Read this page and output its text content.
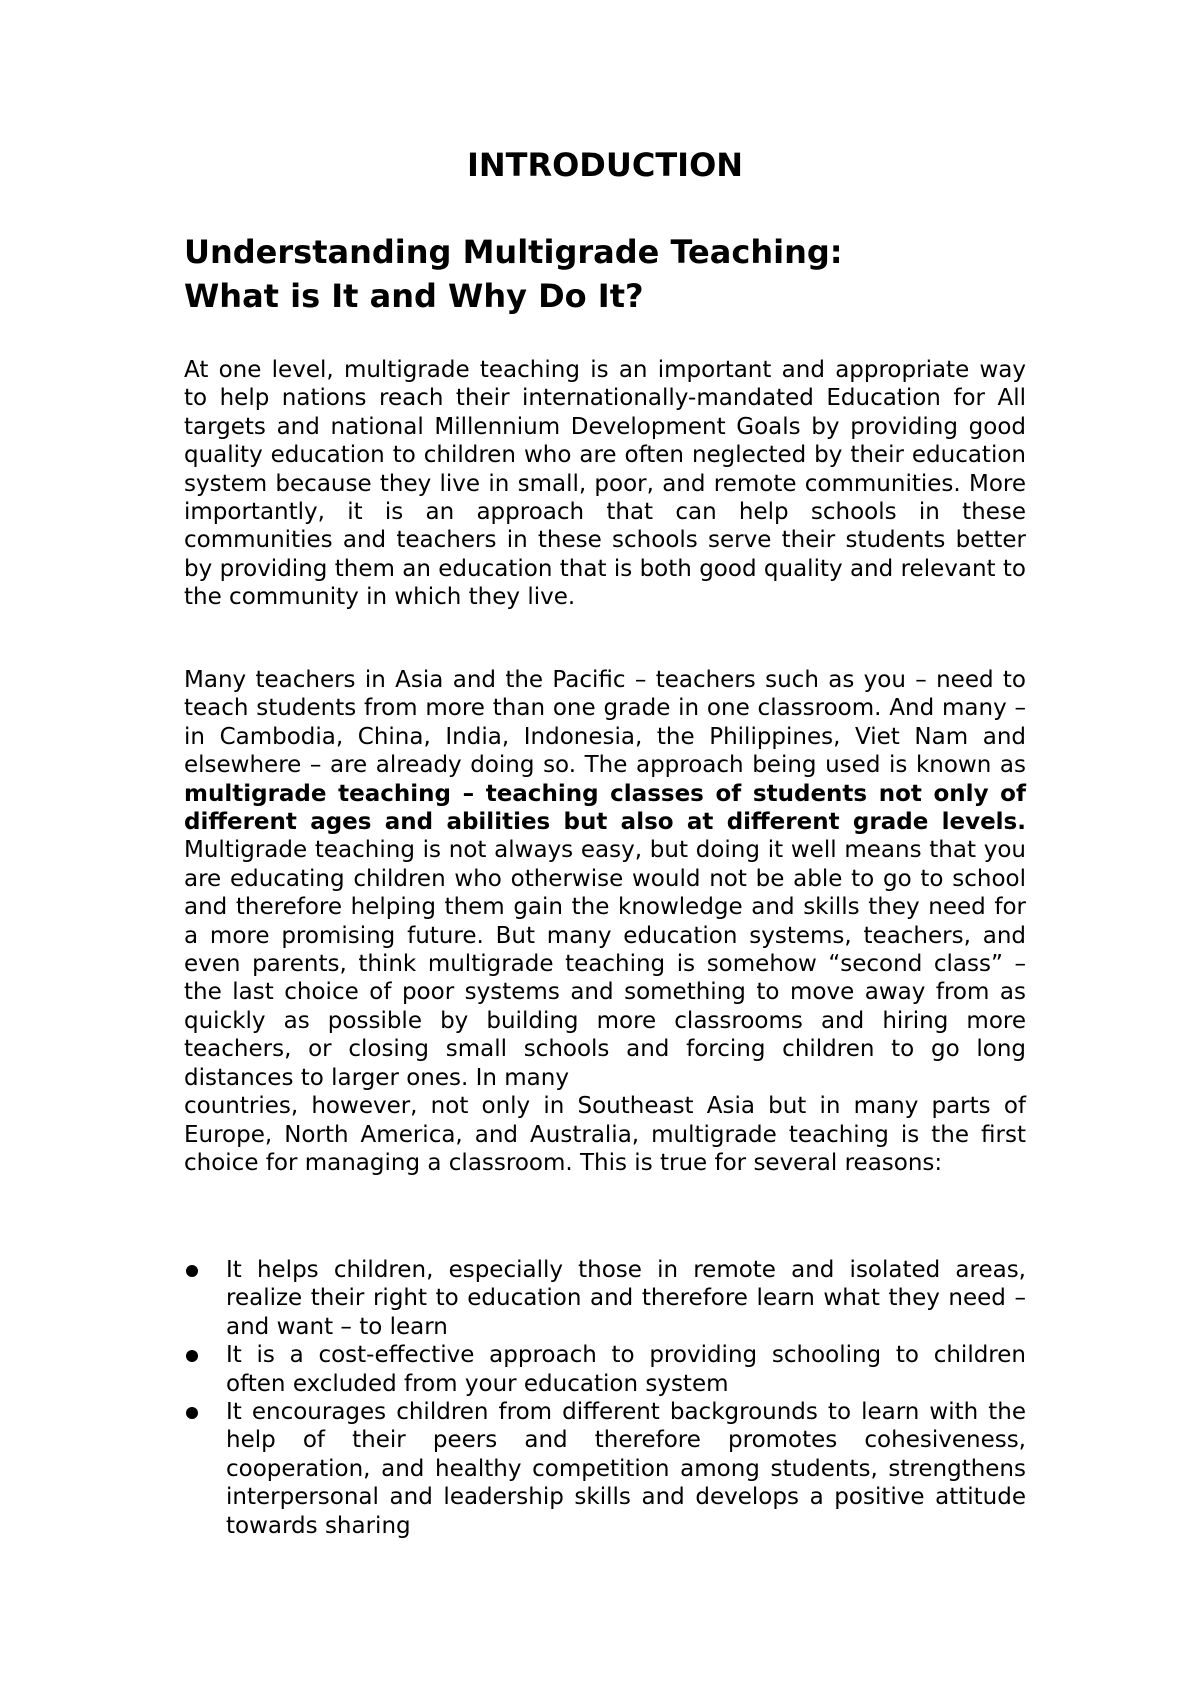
INTRODUCTION
Understanding Multigrade Teaching:
What is It and Why Do It?

At one level, multigrade teaching is an important and appropriate way to help nations reach their internationally-mandated Education for All targets and national Millennium Development Goals by providing good quality education to children who are often neglected by their education system because they live in small, poor, and remote communities. More importantly, it is an approach that can help schools in these communities and teachers in these schools serve their students better by providing them an education that is both good quality and relevant to the community in which they live.

Many teachers in Asia and the Pacific – teachers such as you – need to teach students from more than one grade in one classroom. And many – in Cambodia, China, India, Indonesia, the Philippines, Viet Nam and elsewhere – are already doing so. The approach being used is known as multigrade teaching – teaching classes of students not only of different ages and abilities but also at different grade levels. Multigrade teaching is not always easy, but doing it well means that you are educating children who otherwise would not be able to go to school and therefore helping them gain the knowledge and skills they need for a more promising future. But many education systems, teachers, and even parents, think multigrade teaching is somehow “second class” – the last choice of poor systems and something to move away from as quickly as possible by building more classrooms and hiring more teachers, or closing small schools and forcing children to go long distances to larger ones. In many
countries, however, not only in Southeast Asia but in many parts of Europe, North America, and Australia, multigrade teaching is the first choice for managing a classroom. This is true for several reasons:

It helps children, especially those in remote and isolated areas, realize their right to education and therefore learn what they need – and want – to learn
It is a cost-effective approach to providing schooling to children often excluded from your education system
It encourages children from different backgrounds to learn with the help of their peers and therefore promotes cohesiveness, cooperation, and healthy competition among students, strengthens interpersonal and leadership skills and develops a positive attitude towards sharing
